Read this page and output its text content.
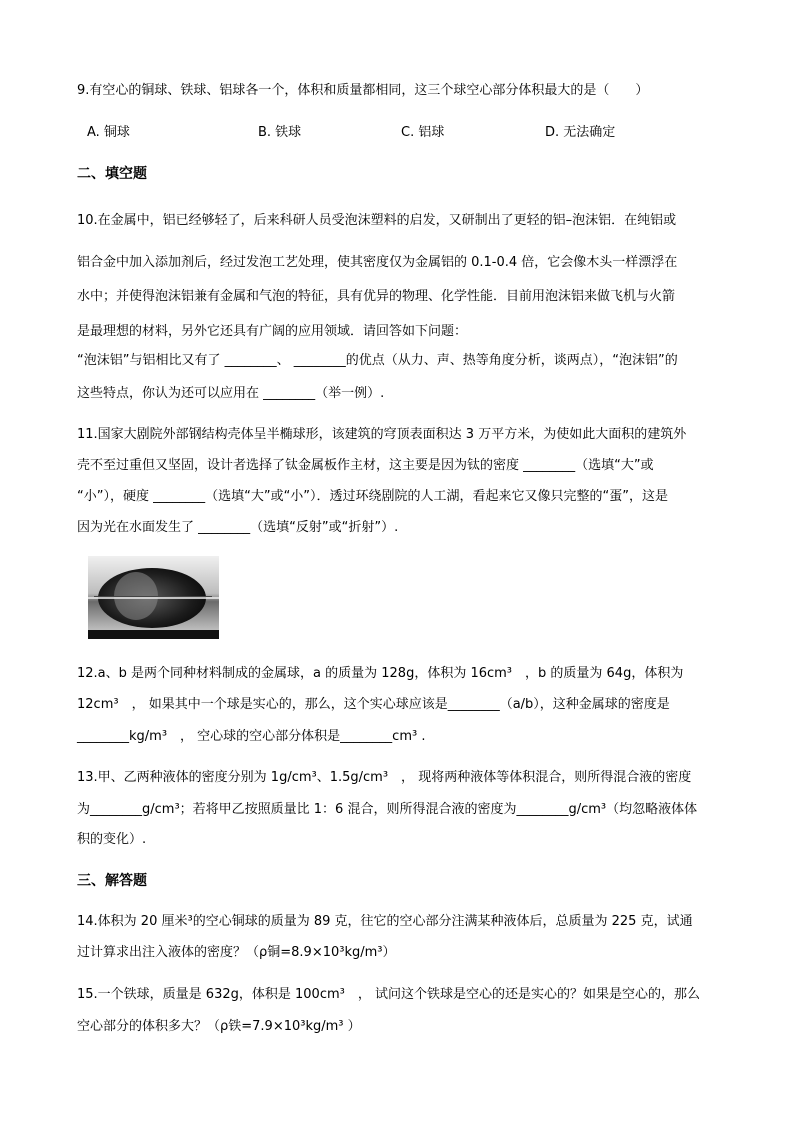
9.有空心的铜球、铁球、铝球各一个，体积和质量都相同，这三个球空心部分体积最大的是（　　）
A. 铜球	B. 铁球	C. 铝球	D. 无法确定
二、填空题
10.在金属中，铝已经够轻了，后来科研人员受泡沫塑料的启发，又研制出了更轻的铝–泡沫铝．在纯铝或
铝合金中加入添加剂后，经过发泡工艺处理，使其密度仅为金属铝的 0.1-0.4 倍，它会像木头一样漂浮在
水中；并使得泡沫铝兼有金属和气泡的特征，具有优异的物理、化学性能．目前用泡沫铝来做飞机与火箭
是最理想的材料，另外它还具有广阔的应用领域．请回答如下问题：
“泡沫铝”与铝相比又有了 ________、 ________的优点（从力、声、热等角度分析，谈两点），“泡沫铝”的
这些特点，你认为还可以应用在 ________（举一例）.
11.国家大剧院外部钢结构壳体呈半椭球形，该建筑的穹顶表面积达 3 万平方米，为使如此大面积的建筑外
壳不至过重但又坚固，设计者选择了钛金属板作主材，这主要是因为钛的密度 ________（选填“大”或
“小”），硬度 ________（选填“大”或“小”）．透过环绕剧院的人工湖，看起来它又像只完整的“蛋”，这是
因为光在水面发生了 ________（选填“反射”或“折射”）.
12.a、b 是两个同种材料制成的金属球，a 的质量为 128g，体积为 16cm³　，b 的质量为 64g，体积为
12cm³　， 如果其中一个球是实心的，那么，这个实心球应该是________（a/b），这种金属球的密度是
________kg/m³　， 空心球的空心部分体积是________cm³ .
13.甲、乙两种液体的密度分别为 1g/cm³、1.5g/cm³　， 现将两种液体等体积混合，则所得混合液的密度
为________g/cm³；若将甲乙按照质量比 1：6 混合，则所得混合液的密度为________g/cm³（均忽略液体体
积的变化）.
三、解答题
14.体积为 20 厘米³的空心铜球的质量为 89 克，往它的空心部分注满某种液体后，总质量为 225 克，试通
过计算求出注入液体的密度？（ρ铜=8.9×10³kg/m³）
15.一个铁球，质量是 632g，体积是 100cm³　， 试问这个铁球是空心的还是实心的？如果是空心的，那么
空心部分的体积多大？（ρ铁=7.9×10³kg/m³ ）
